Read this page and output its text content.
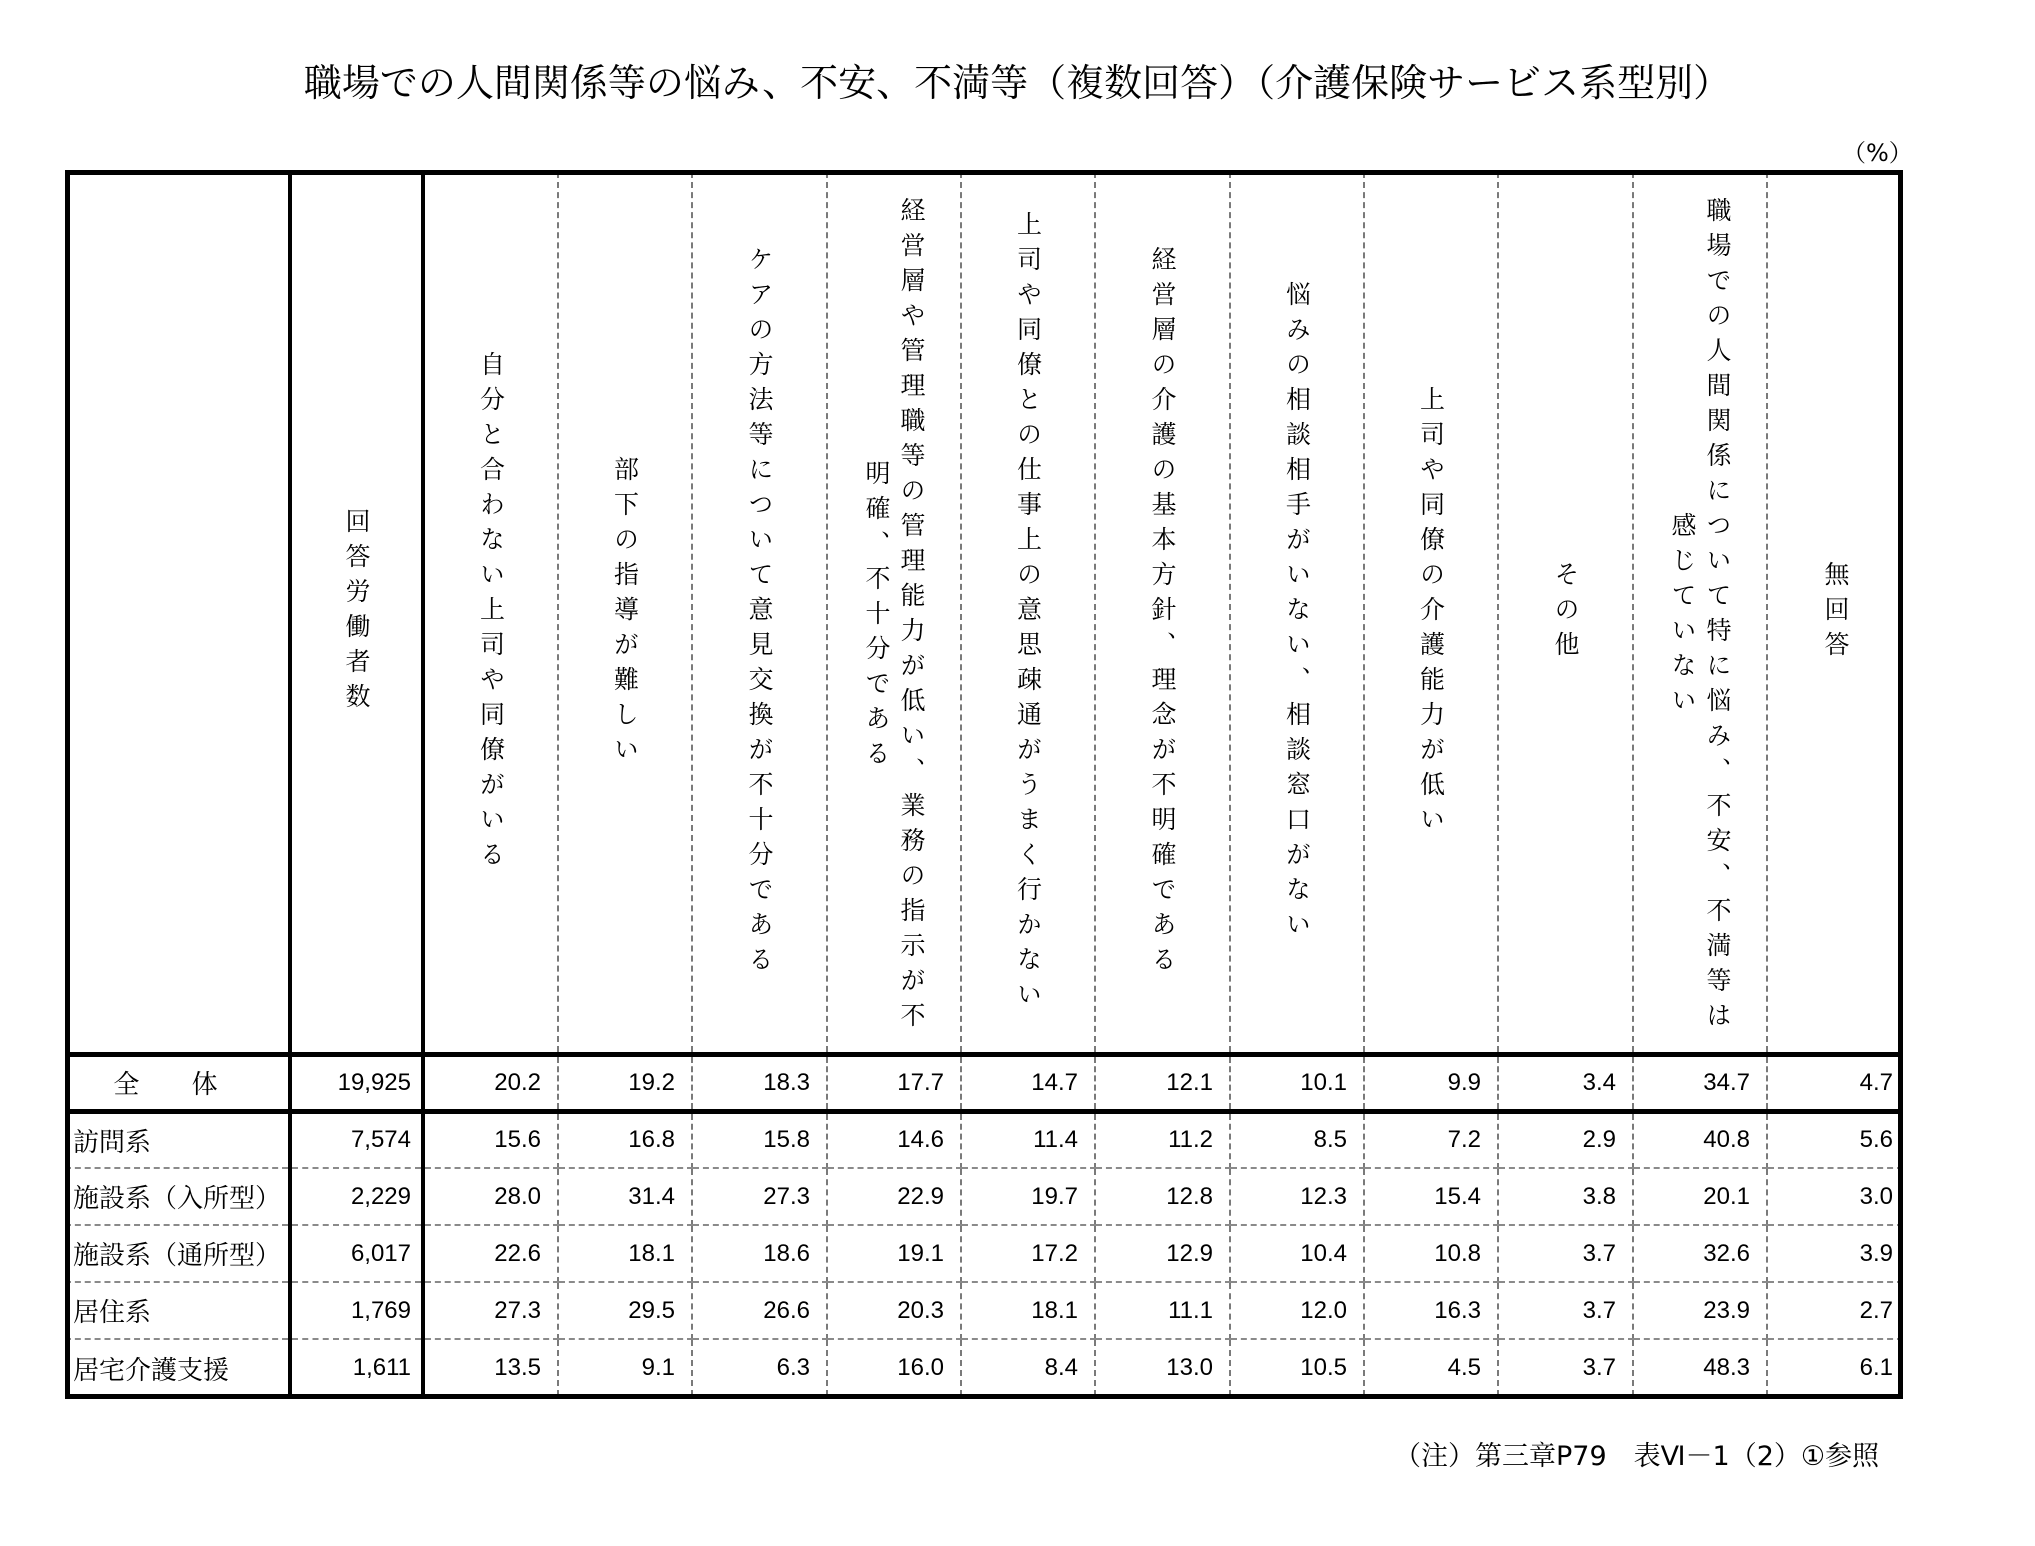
職場での人間関係等の悩み、不安、不満等（複数回答）（介護保険サービス系型別）
（%）

	回答労働者数	自分と合わない上司や同僚がいる	部下の指導が難しい	ケアの方法等について意見交換が不十分である	経営層や管理職等の管理能力が低い、業務の指示が不明確、不十分である	上司や同僚との仕事上の意思疎通がうまく行かない	経営層の介護の基本方針、理念が不明確である	悩みの相談相手がいない、相談窓口がない	上司や同僚の介護能力が低い	その他	職場での人間関係について特に悩み、不安、不満等は感じていない	無回答

全 体	19,925	20.2	19.2	18.3	17.7	14.7	12.1	10.1	9.9	3.4	34.7	4.7
訪問系	7,574	15.6	16.8	15.8	14.6	11.4	11.2	8.5	7.2	2.9	40.8	5.6
施設系（入所型）	2,229	28.0	31.4	27.3	22.9	19.7	12.8	12.3	15.4	3.8	20.1	3.0
施設系（通所型）	6,017	22.6	18.1	18.6	19.1	17.2	12.9	10.4	10.8	3.7	32.6	3.9
居住系	1,769	27.3	29.5	26.6	20.3	18.1	11.1	12.0	16.3	3.7	23.9	2.7
居宅介護支援	1,611	13.5	9.1	6.3	16.0	8.4	13.0	10.5	4.5	3.7	48.3	6.1
（注）第三章P79　表Ⅵ－1（2）①参照
